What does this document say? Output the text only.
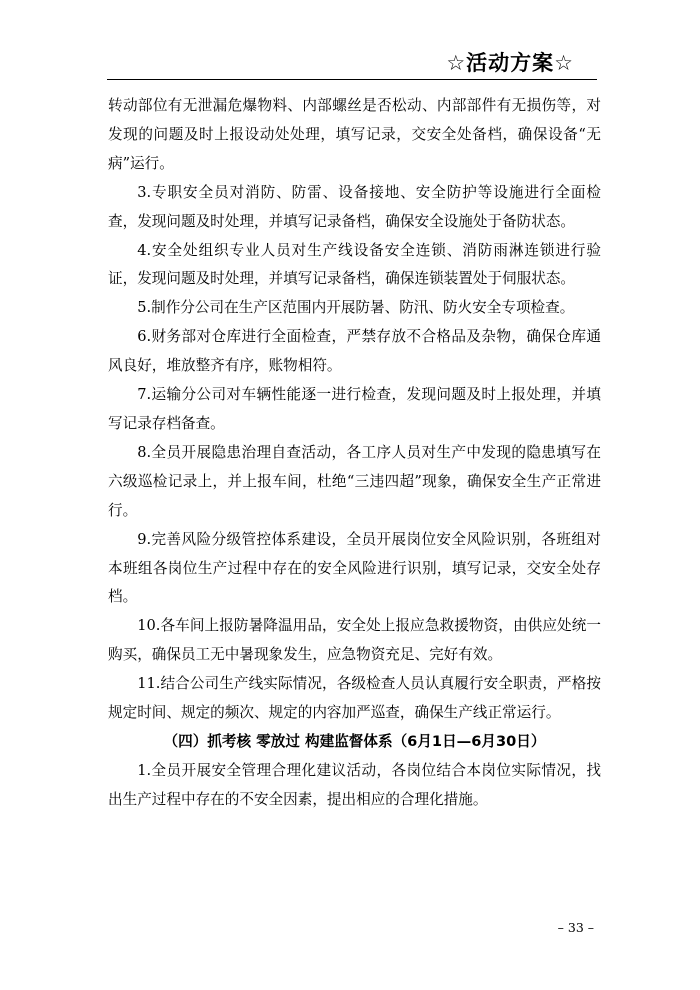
☆活动方案☆

转动部位有无泄漏危爆物料、内部螺丝是否松动、内部部件有无损伤等，对发现的问题及时上报设动处处理，填写记录，交安全处备档，确保设备“无病”运行。

3.专职安全员对消防、防雷、设备接地、安全防护等设施进行全面检查，发现问题及时处理，并填写记录备档，确保安全设施处于备防状态。

4.安全处组织专业人员对生产线设备安全连锁、消防雨淋连锁进行验证，发现问题及时处理，并填写记录备档，确保连锁装置处于伺服状态。

5.制作分公司在生产区范围内开展防暑、防汛、防火安全专项检查。

6.财务部对仓库进行全面检查，严禁存放不合格品及杂物，确保仓库通风良好，堆放整齐有序，账物相符。

7.运输分公司对车辆性能逐一进行检查，发现问题及时上报处理，并填写记录存档备查。

8.全员开展隐患治理自查活动，各工序人员对生产中发现的隐患填写在六级巡检记录上，并上报车间，杜绝“三违四超”现象，确保安全生产正常进行。

9.完善风险分级管控体系建设，全员开展岗位安全风险识别，各班组对本班组各岗位生产过程中存在的安全风险进行识别，填写记录，交安全处存档。

10.各车间上报防暑降温用品，安全处上报应急救援物资，由供应处统一购买，确保员工无中暑现象发生，应急物资充足、完好有效。

11.结合公司生产线实际情况，各级检查人员认真履行安全职责，严格按规定时间、规定的频次、规定的内容加严巡查，确保生产线正常运行。

（四）抓考核 零放过 构建监督体系（6月1日—6月30日）

1.全员开展安全管理合理化建议活动，各岗位结合本岗位实际情况，找出生产过程中存在的不安全因素，提出相应的合理化措施。

– 33 –
